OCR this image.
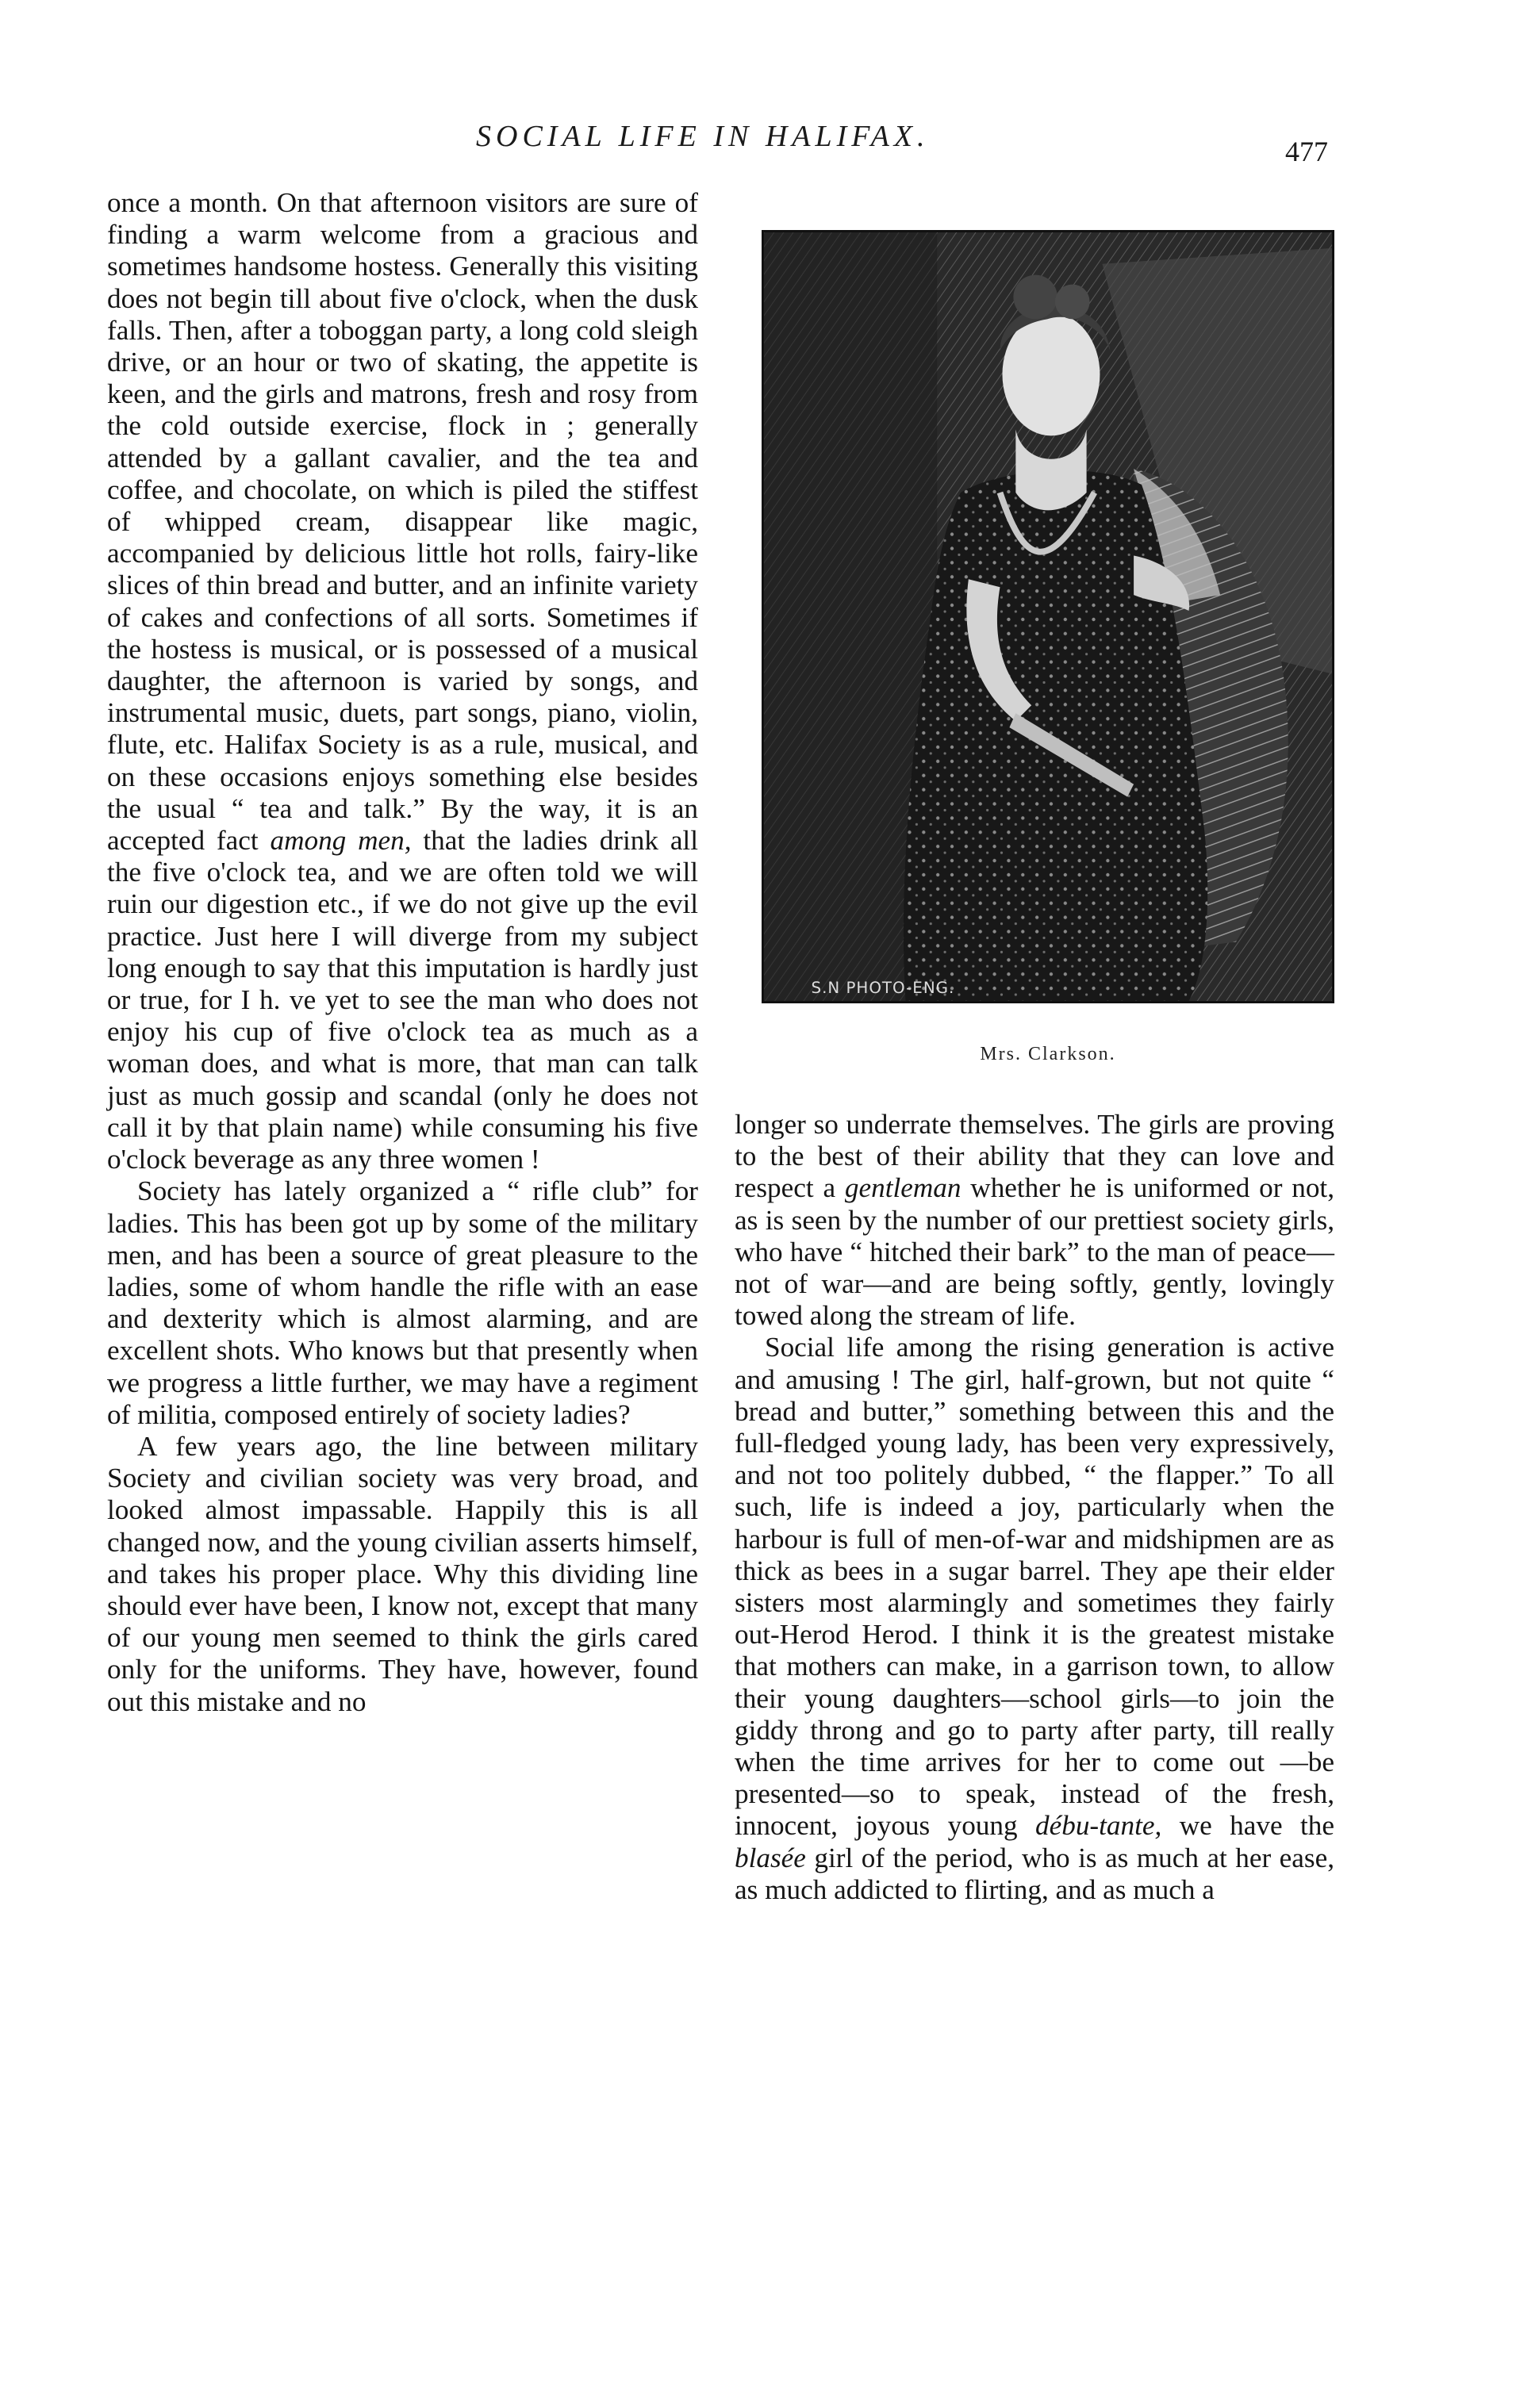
SOCIAL LIFE IN HALIFAX.	477

once a month. On that afternoon visitors are sure of finding a warm welcome from a gracious and sometimes handsome hostess. Generally this visiting does not begin till about five o'clock, when the dusk falls. Then, after a toboggan party, a long cold sleigh drive, or an hour or two of skating, the appetite is keen, and the girls and matrons, fresh and rosy from the cold outside exercise, flock in ; generally attended by a gallant cavalier, and the tea and coffee, and chocolate, on which is piled the stiffest of whipped cream, disappear like magic, accompanied by delicious little hot rolls, fairy-like slices of thin bread and butter, and an infinite variety of cakes and confections of all sorts. Sometimes if the hostess is musical, or is possessed of a musical daughter, the afternoon is varied by songs, and instrumental music, duets, part songs, piano, violin, flute, etc. Halifax Society is as a rule, musical, and on these occasions enjoys something else besides the usual “ tea and talk.” By the way, it is an accepted fact among men, that the ladies drink all the five o'clock tea, and we are often told we will ruin our digestion etc., if we do not give up the evil practice. Just here I will diverge from my subject long enough to say that this imputation is hardly just or true, for I h. ve yet to see the man who does not enjoy his cup of five o'clock tea as much as a woman does, and what is more, that man can talk just as much gossip and scandal (only he does not call it by that plain name) while consuming his five o'clock beverage as any three women !

Society has lately organized a “ rifle club” for ladies. This has been got up by some of the military men, and has been a source of great pleasure to the ladies, some of whom handle the rifle with an ease and dexterity which is almost alarming, and are excellent shots. Who knows but that presently when we progress a little further, we may have a regiment of militia, composed entirely of society ladies?

A few years ago, the line between military Society and civilian society was very broad, and looked almost impassable. Happily this is all changed now, and the young civilian asserts himself, and takes his proper place. Why this dividing line should ever have been, I know not, except that many of our young men seemed to think the girls cared only for the uniforms. They have, however, found out this mistake and no

S.N PHOTO-ENG.
Mrs. Clarkson.

longer so underrate themselves. The girls are proving to the best of their ability that they can love and respect a gentleman whether he is uniformed or not, as is seen by the number of our prettiest society girls, who have “ hitched their bark” to the man of peace—not of war—and are being softly, gently, lovingly towed along the stream of life.

Social life among the rising generation is active and amusing ! The girl, half-grown, but not quite “ bread and butter,” something between this and the full-fledged young lady, has been very expressively, and not too politely dubbed, “ the flapper.” To all such, life is indeed a joy, particularly when the harbour is full of men-of-war and midshipmen are as thick as bees in a sugar barrel. They ape their elder sisters most alarmingly and sometimes they fairly out-Herod Herod. I think it is the greatest mistake that mothers can make, in a garrison town, to allow their young daughters—school girls—to join the giddy throng and go to party after party, till really when the time arrives for her to come out —be presented—so to speak, instead of the fresh, innocent, joyous young débu-tante, we have the blasée girl of the period, who is as much at her ease, as much addicted to flirting, and as much a
